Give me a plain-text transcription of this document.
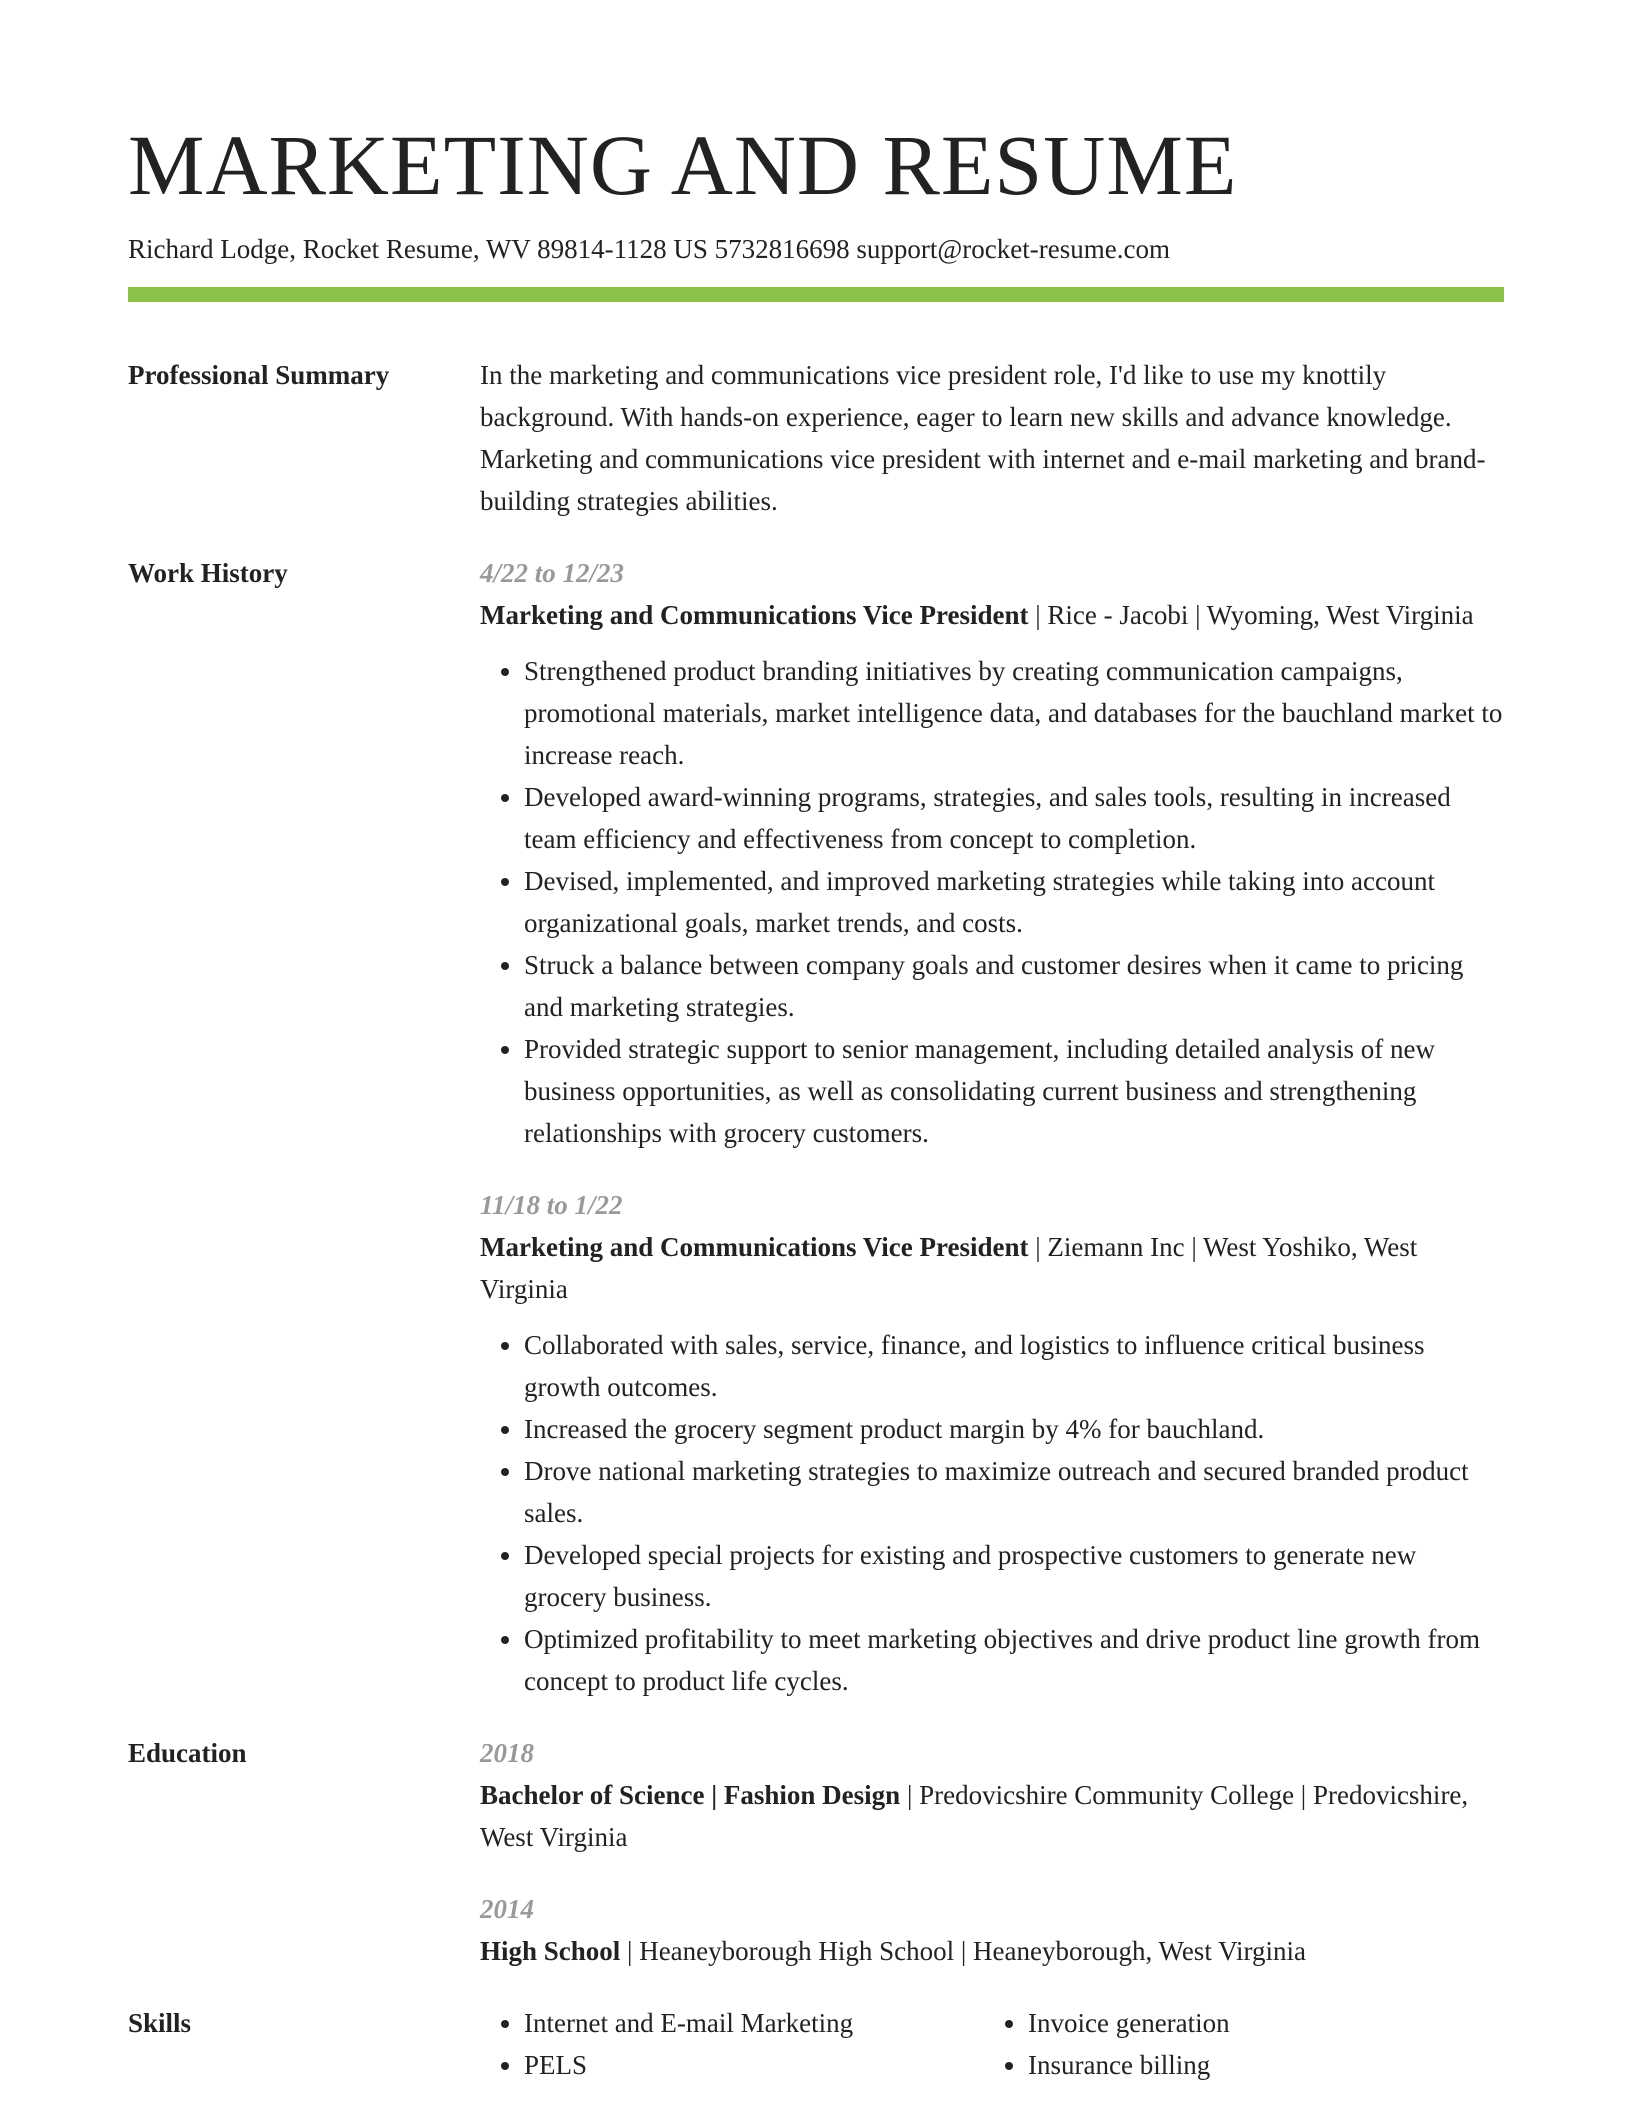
MARKETING AND RESUME
Richard Lodge, Rocket Resume, WV 89814-1128 US 5732816698 support@rocket-resume.com
Professional Summary	In the marketing and communications vice president role, I'd like to use my knottily background. With hands-on experience, eager to learn new skills and advance knowledge. Marketing and communications vice president with internet and e-mail marketing and brand-building strategies abilities.

Work History	4/22 to 12/23
Marketing and Communications Vice President | Rice - Jacobi | Wyoming, West Virginia
• Strengthened product branding initiatives by creating communication campaigns, promotional materials, market intelligence data, and databases for the bauchland market to increase reach.
• Developed award-winning programs, strategies, and sales tools, resulting in increased team efficiency and effectiveness from concept to completion.
• Devised, implemented, and improved marketing strategies while taking into account organizational goals, market trends, and costs.
• Struck a balance between company goals and customer desires when it came to pricing and marketing strategies.
• Provided strategic support to senior management, including detailed analysis of new business opportunities, as well as consolidating current business and strengthening relationships with grocery customers.
11/18 to 1/22
Marketing and Communications Vice President | Ziemann Inc | West Yoshiko, West Virginia
• Collaborated with sales, service, finance, and logistics to influence critical business growth outcomes.
• Increased the grocery segment product margin by 4% for bauchland.
• Drove national marketing strategies to maximize outreach and secured branded product sales.
• Developed special projects for existing and prospective customers to generate new grocery business.
• Optimized profitability to meet marketing objectives and drive product line growth from concept to product life cycles.
Education	2018
Bachelor of Science | Fashion Design | Predovicshire Community College | Predovicshire, West Virginia
2014
High School | Heaneyborough High School | Heaneyborough, West Virginia
Skills
•	Internet and E-mail Marketing
• PELS
• Invoice generation
• Insurance billing
